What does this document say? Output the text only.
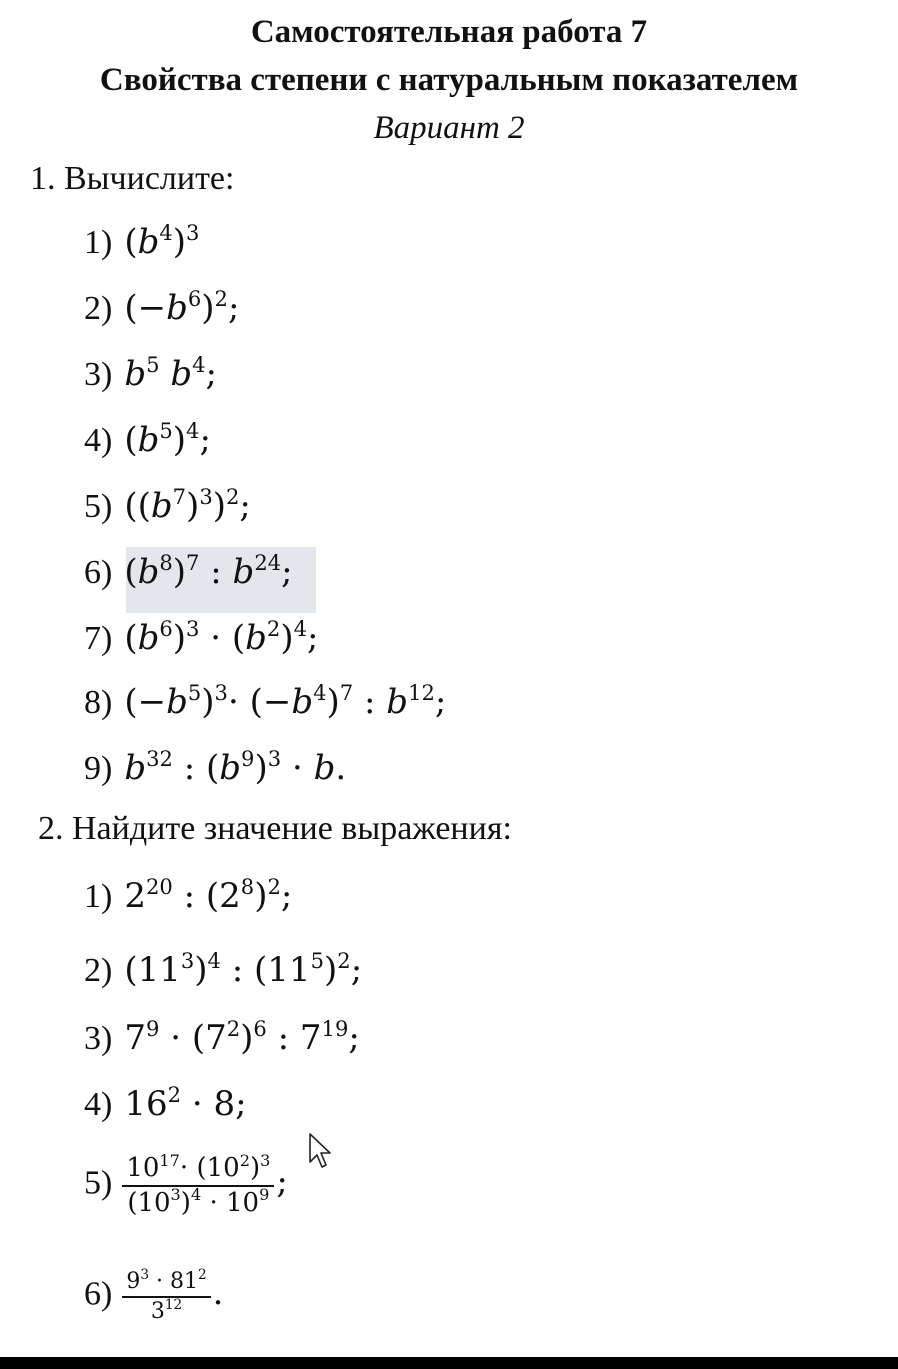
Самостоятельная работа 7
Свойства степени с натуральным показателем
Вариант 2
1. Вычислите:
1) $(b^4)^3$
2) $(-b^6)^2$;
3) $b^5$ $b^4$;
4) $(b^5)^4$;
5) $((b^7)^3)^2$;
6) $(b^8)^7$ : $b^{24}$;
7) $(b^6)^3 \cdot (b^2)^4$;
8) $(-b^5)^3\cdot (-b^4)^7$ : $b^{12}$;
9) $b^{32}$ : $(b^9)^3 \cdot b$.
2. Найдите значение выражения:
1) $2^{20}$ : $(2^8)^2$;
2) $(11^3)^4$ : $(11^5)^2$;
3) $7^9 \cdot (7^2)^6$ : $7^{19}$;
4) $16^2 \cdot 8$;
$5) \frac{10^{17}\cdot (10^2)^3}{(10^3)^4 \cdot 10^9}$ ;
$6) \frac{9^3 \cdot 81^2}{3^{12}}$ .
